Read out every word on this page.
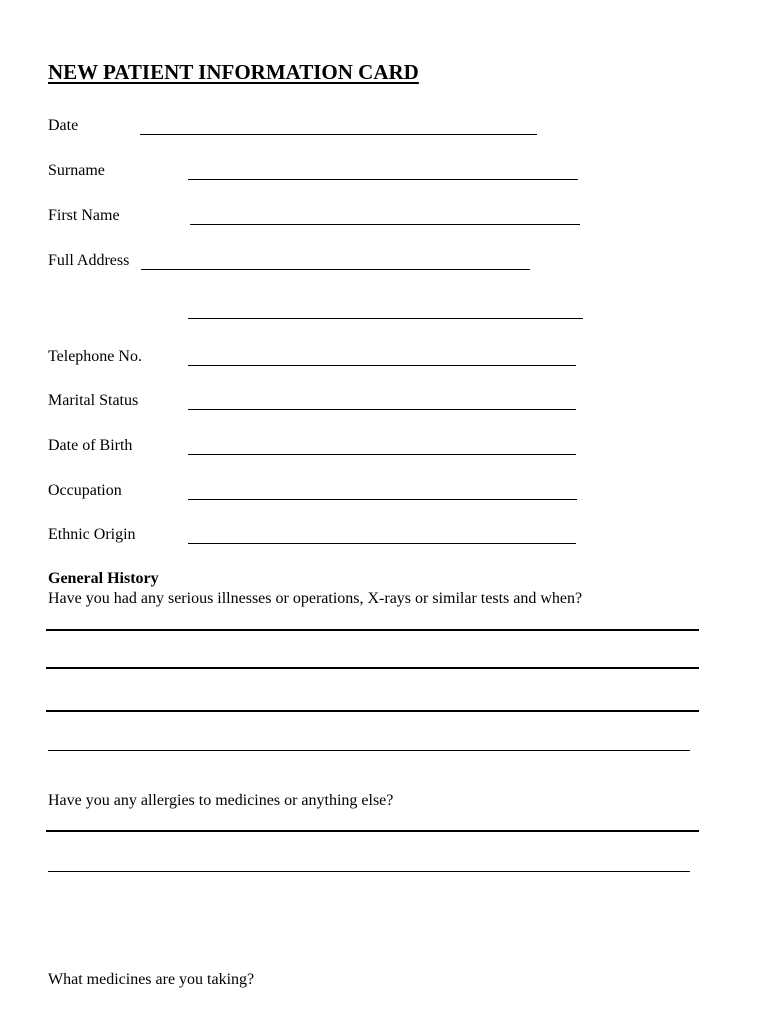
NEW PATIENT INFORMATION CARD
Date
Surname
First Name
Full Address
Telephone No.
Marital Status
Date of Birth
Occupation
Ethnic Origin
General History
Have you had any serious illnesses or operations, X-rays or similar tests and when?
Have you any allergies to medicines or anything else?
What medicines are you taking?
